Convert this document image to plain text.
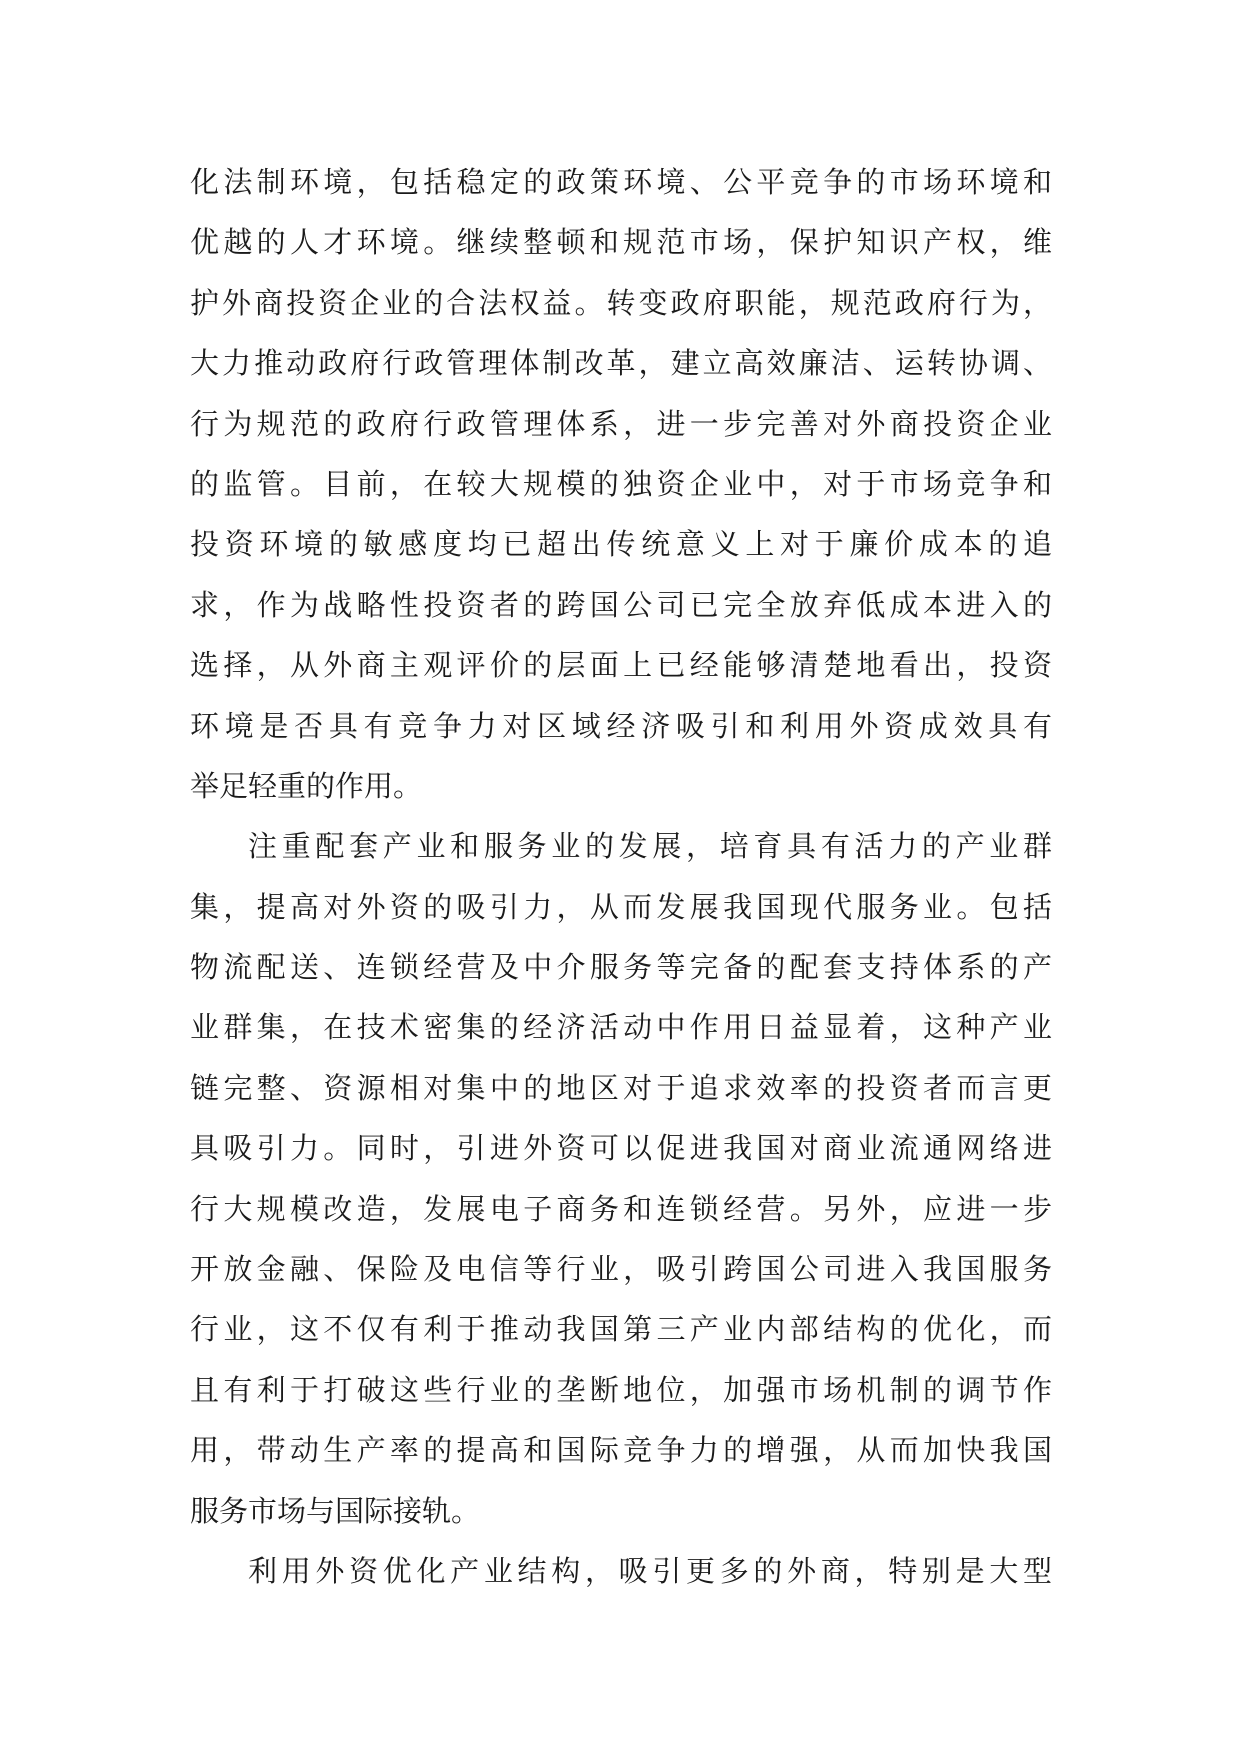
化法制环境，包括稳定的政策环境、公平竞争的市场环境和
优越的人才环境。继续整顿和规范市场，保护知识产权，维
护外商投资企业的合法权益。转变政府职能，规范政府行为，
大力推动政府行政管理体制改革，建立高效廉洁、运转协调、
行为规范的政府行政管理体系，进一步完善对外商投资企业
的监管。目前，在较大规模的独资企业中，对于市场竞争和
投资环境的敏感度均已超出传统意义上对于廉价成本的追
求，作为战略性投资者的跨国公司已完全放弃低成本进入的
选择，从外商主观评价的层面上已经能够清楚地看出，投资
环境是否具有竞争力对区域经济吸引和利用外资成效具有
举足轻重的作用。
注重配套产业和服务业的发展，培育具有活力的产业群
集，提高对外资的吸引力，从而发展我国现代服务业。包括
物流配送、连锁经营及中介服务等完备的配套支持体系的产
业群集，在技术密集的经济活动中作用日益显着，这种产业
链完整、资源相对集中的地区对于追求效率的投资者而言更
具吸引力。同时，引进外资可以促进我国对商业流通网络进
行大规模改造，发展电子商务和连锁经营。另外，应进一步
开放金融、保险及电信等行业，吸引跨国公司进入我国服务
行业，这不仅有利于推动我国第三产业内部结构的优化，而
且有利于打破这些行业的垄断地位，加强市场机制的调节作
用，带动生产率的提高和国际竞争力的增强，从而加快我国
服务市场与国际接轨。
利用外资优化产业结构，吸引更多的外商，特别是大型
